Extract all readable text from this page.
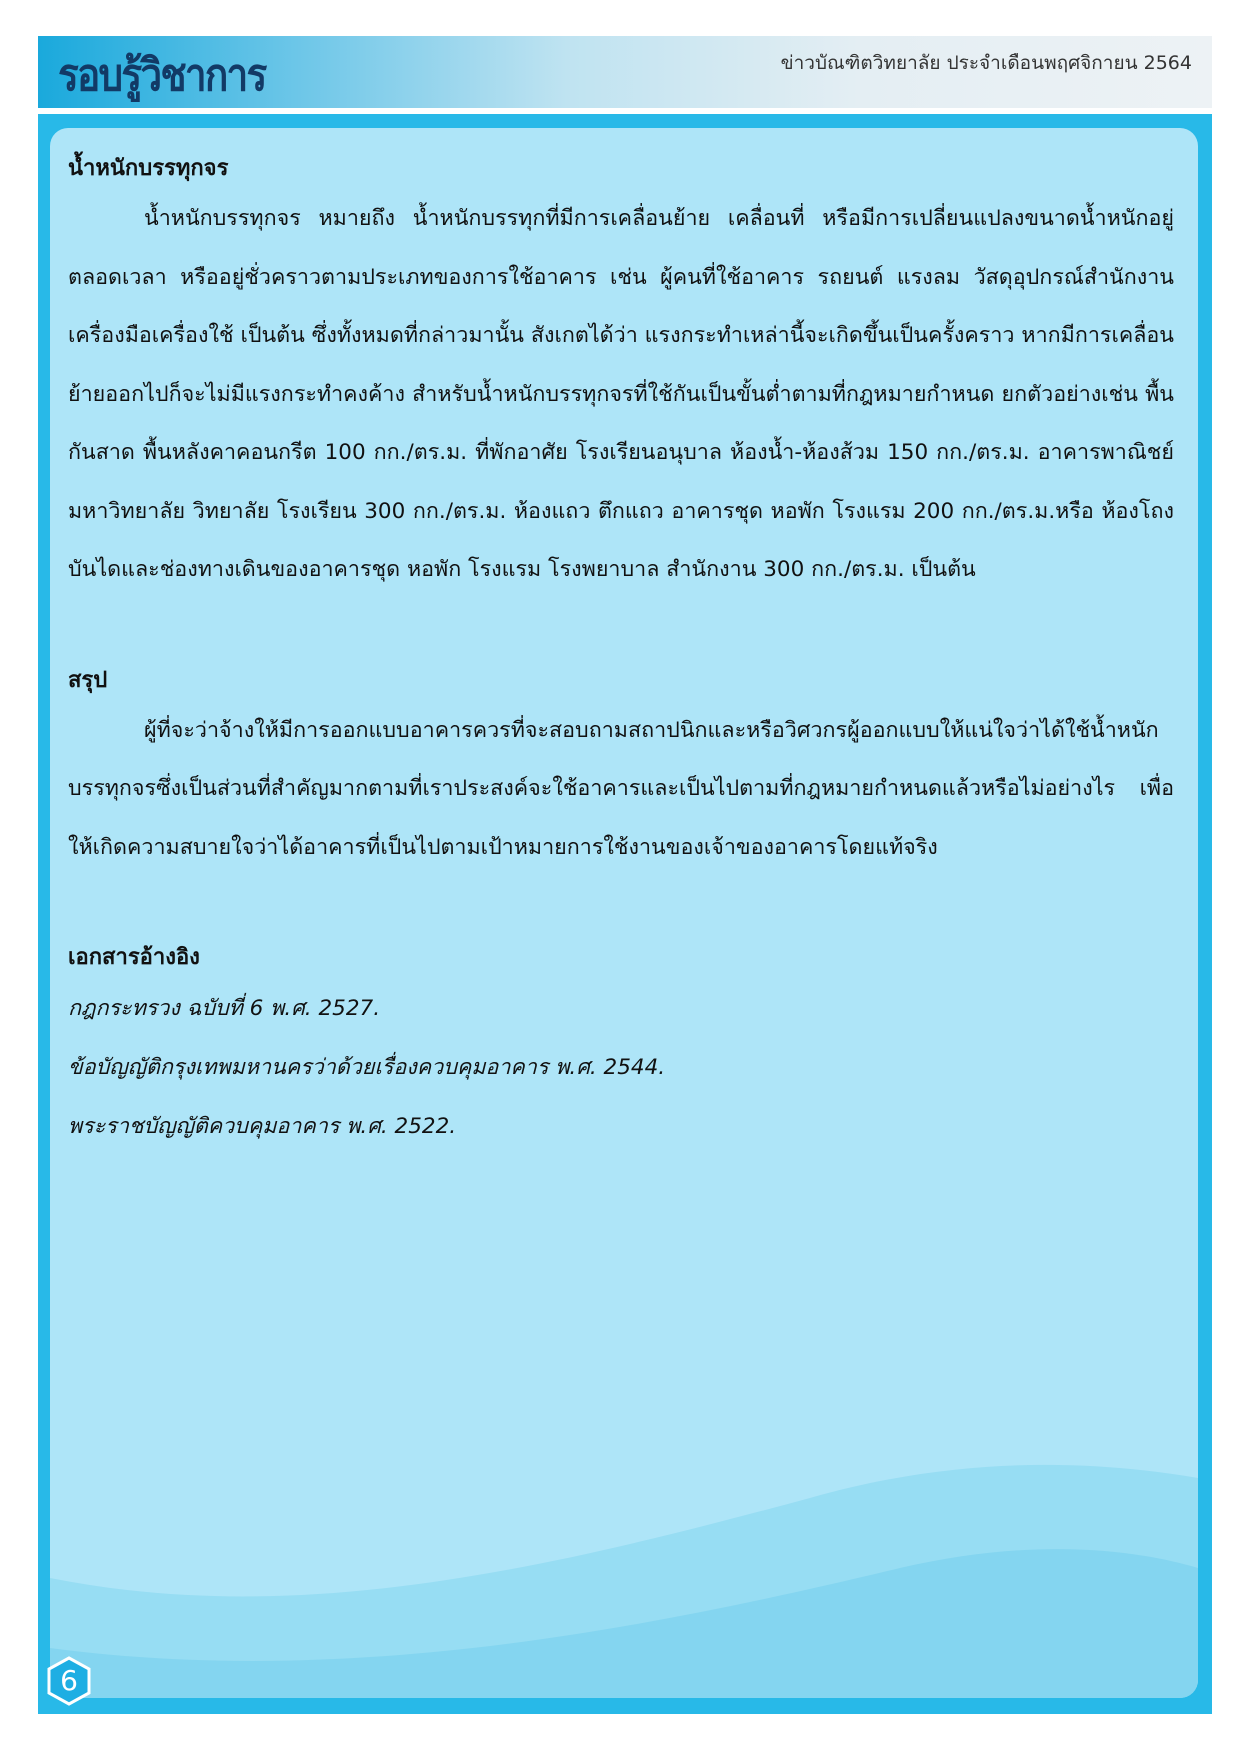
รอบรู้วิชาการ	ข่าวบัณฑิตวิทยาลัย ประจำเดือนพฤศจิกายน 2564

น้ำหนักบรรทุกจร

น้ำหนักบรรทุกจร หมายถึง น้ำหนักบรรทุกที่มีการเคลื่อนย้าย เคลื่อนที่ หรือมีการเปลี่ยนแปลงขนาดน้ำหนักอยู่ตลอดเวลา หรืออยู่ชั่วคราวตามประเภทของการใช้อาคาร เช่น ผู้คนที่ใช้อาคาร รถยนต์ แรงลม วัสดุอุปกรณ์สำนักงาน เครื่องมือเครื่องใช้ เป็นต้น ซึ่งทั้งหมดที่กล่าวมานั้น สังเกตได้ว่า แรงกระทำเหล่านี้จะเกิดขึ้นเป็นครั้งคราว หากมีการเคลื่อนย้ายออกไปก็จะไม่มีแรงกระทำคงค้าง สำหรับน้ำหนักบรรทุกจรที่ใช้กันเป็นขั้นต่ำตามที่กฎหมายกำหนด ยกตัวอย่างเช่น พื้นกันสาด พื้นหลังคาคอนกรีต 100 กก./ตร.ม. ที่พักอาศัย โรงเรียนอนุบาล ห้องน้ำ-ห้องส้วม 150 กก./ตร.ม. อาคารพาณิชย์ มหาวิทยาลัย วิทยาลัย โรงเรียน 300 กก./ตร.ม. ห้องแถว ตึกแถว อาคารชุด หอพัก โรงแรม 200 กก./ตร.ม.หรือ ห้องโถง บันไดและช่องทางเดินของอาคารชุด หอพัก โรงแรม โรงพยาบาล สำนักงาน 300 กก./ตร.ม. เป็นต้น

สรุป

ผู้ที่จะว่าจ้างให้มีการออกแบบอาคารควรที่จะสอบถามสถาปนิกและหรือวิศวกรผู้ออกแบบให้แน่ใจว่าได้ใช้น้ำหนักบรรทุกจรซึ่งเป็นส่วนที่สำคัญมากตามที่เราประสงค์จะใช้อาคารและเป็นไปตามที่กฎหมายกำหนดแล้วหรือไม่อย่างไร เพื่อให้เกิดความสบายใจว่าได้อาคารที่เป็นไปตามเป้าหมายการใช้งานของเจ้าของอาคารโดยแท้จริง

เอกสารอ้างอิง

กฎกระทรวง ฉบับที่ 6 พ.ศ. 2527.

ข้อบัญญัติกรุงเทพมหานครว่าด้วยเรื่องควบคุมอาคาร พ.ศ. 2544.

พระราชบัญญัติควบคุมอาคาร พ.ศ. 2522.

6
